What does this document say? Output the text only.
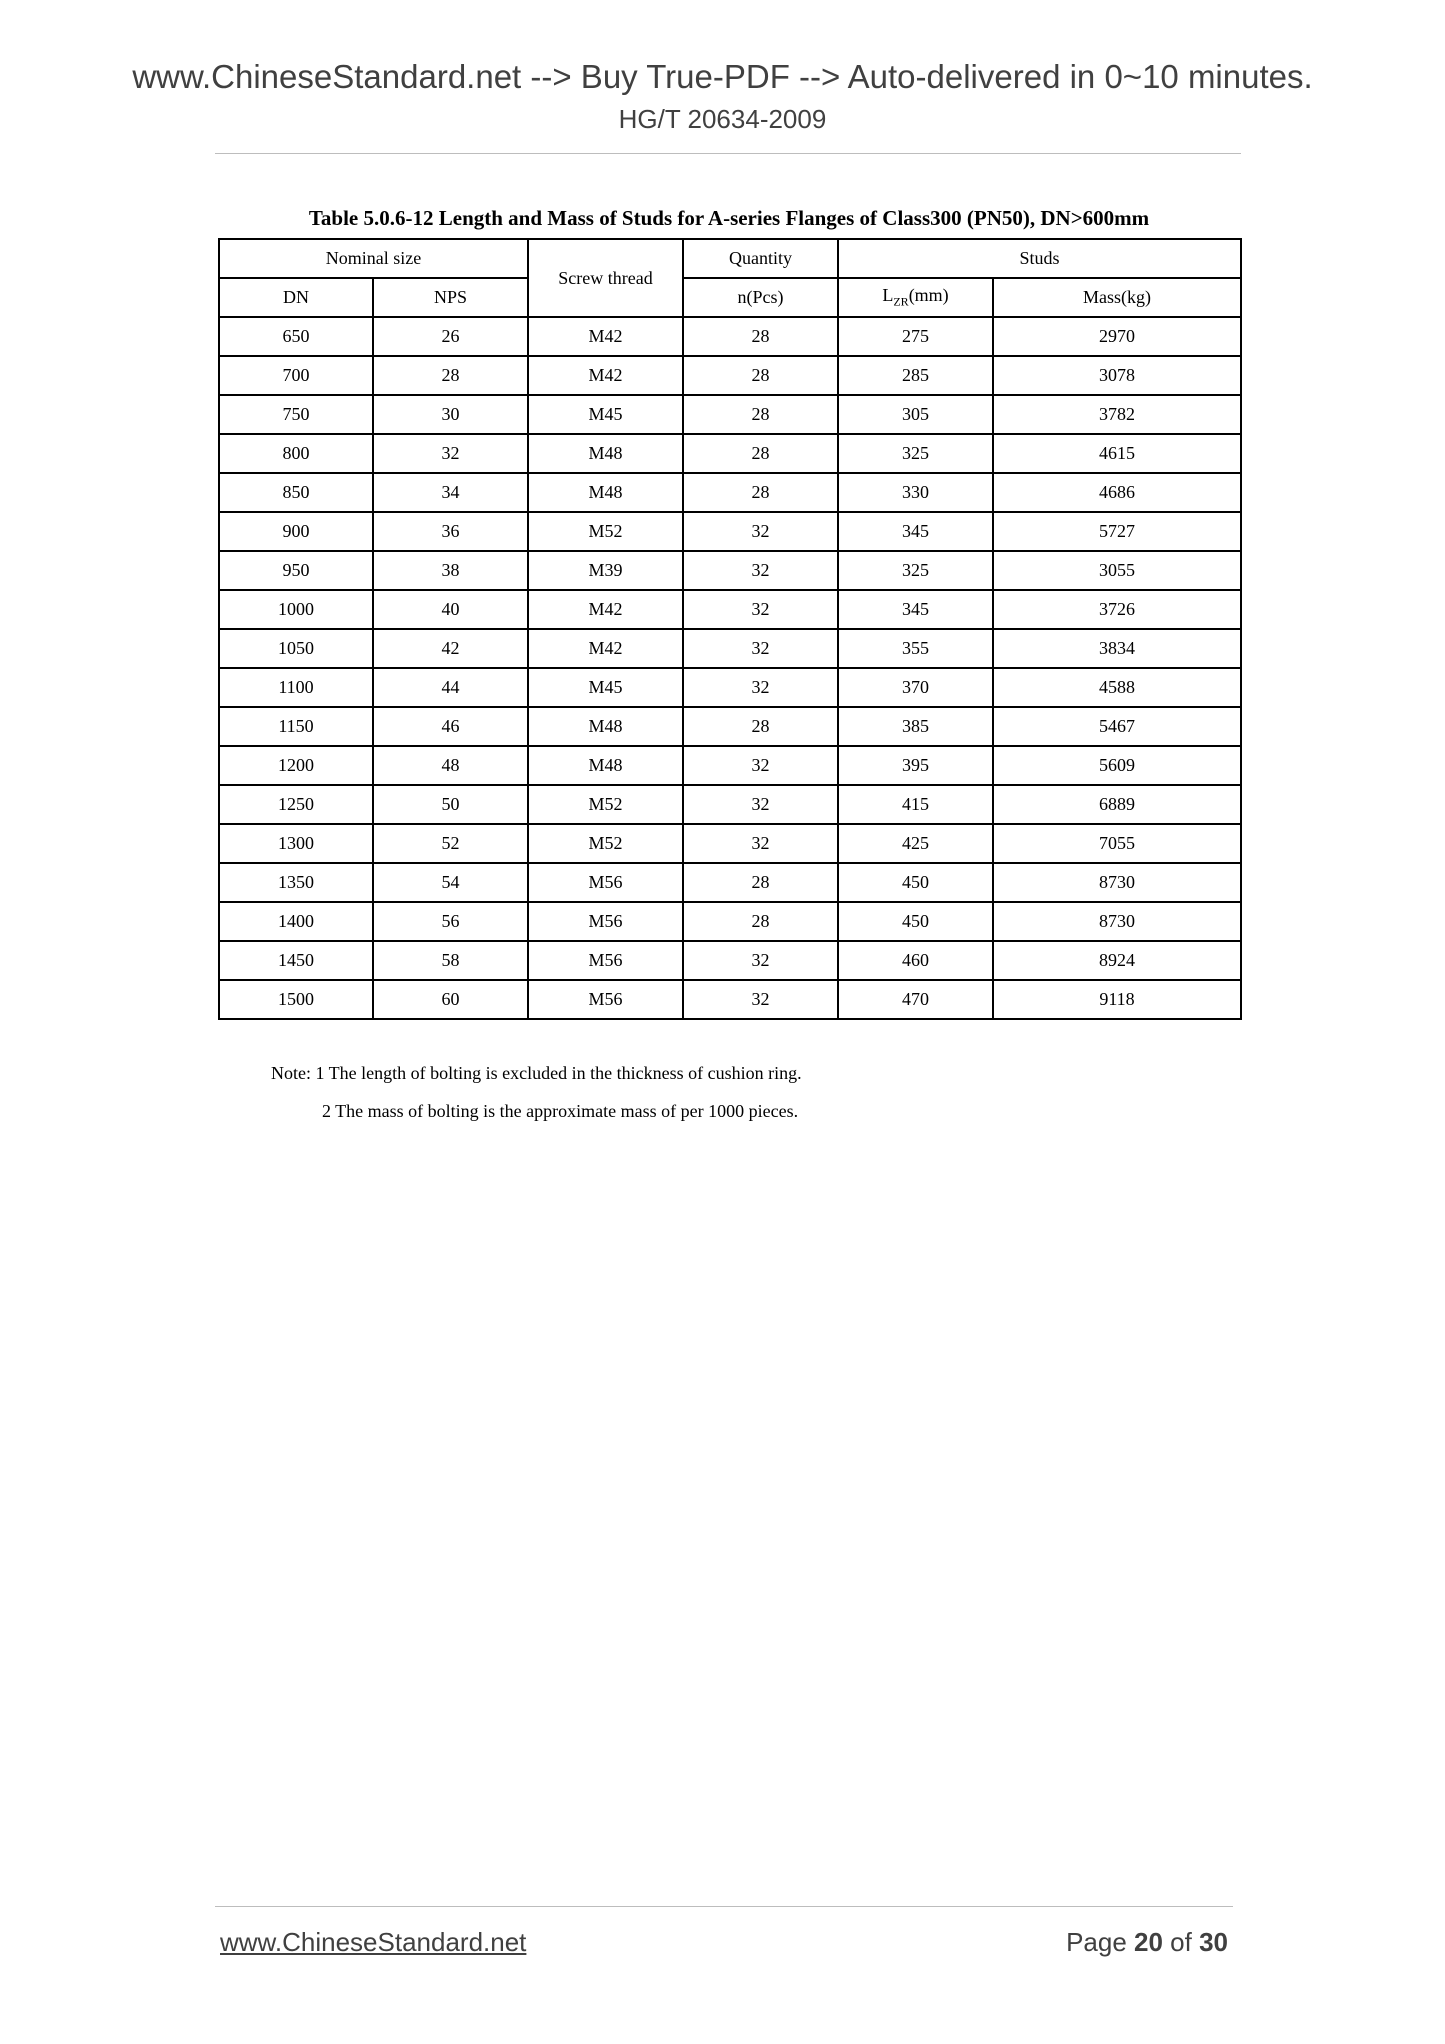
www.ChineseStandard.net --> Buy True-PDF --> Auto-delivered in 0~10 minutes.
HG/T 20634-2009
Table 5.0.6-12 Length and Mass of Studs for A-series Flanges of Class300 (PN50), DN>600mm
Nominal size		Screw thread	Quantity	Studs	
DN	NPS		n(Pcs)	$L_{ZR}(mm)$	Mass(kg)
650	26	M42	28	275	2970
700	28	M42	28	285	3078
750	30	M45	28	305	3782
800	32	M48	28	325	4615
850	34	M48	28	330	4686
900	36	M52	32	345	5727
950	38	M39	32	325	3055
1000	40	M42	32	345	3726
1050	42	M42	32	355	3834
1100	44	M45	32	370	4588
1150	46	M48	28	385	5467
1200	48	M48	32	395	5609
1250	50	M52	32	415	6889
1300	52	M52	32	425	7055
1350	54	M56	28	450	8730
1400	56	M56	28	450	8730
1450	58	M56	32	460	8924
1500	60	M56	32	470	9118
Note: 1 The length of bolting is excluded in the thickness of cushion ring.
2 The mass of bolting is the approximate mass of per 1000 pieces.
www.ChineseStandard.net	Page 20 of 30
